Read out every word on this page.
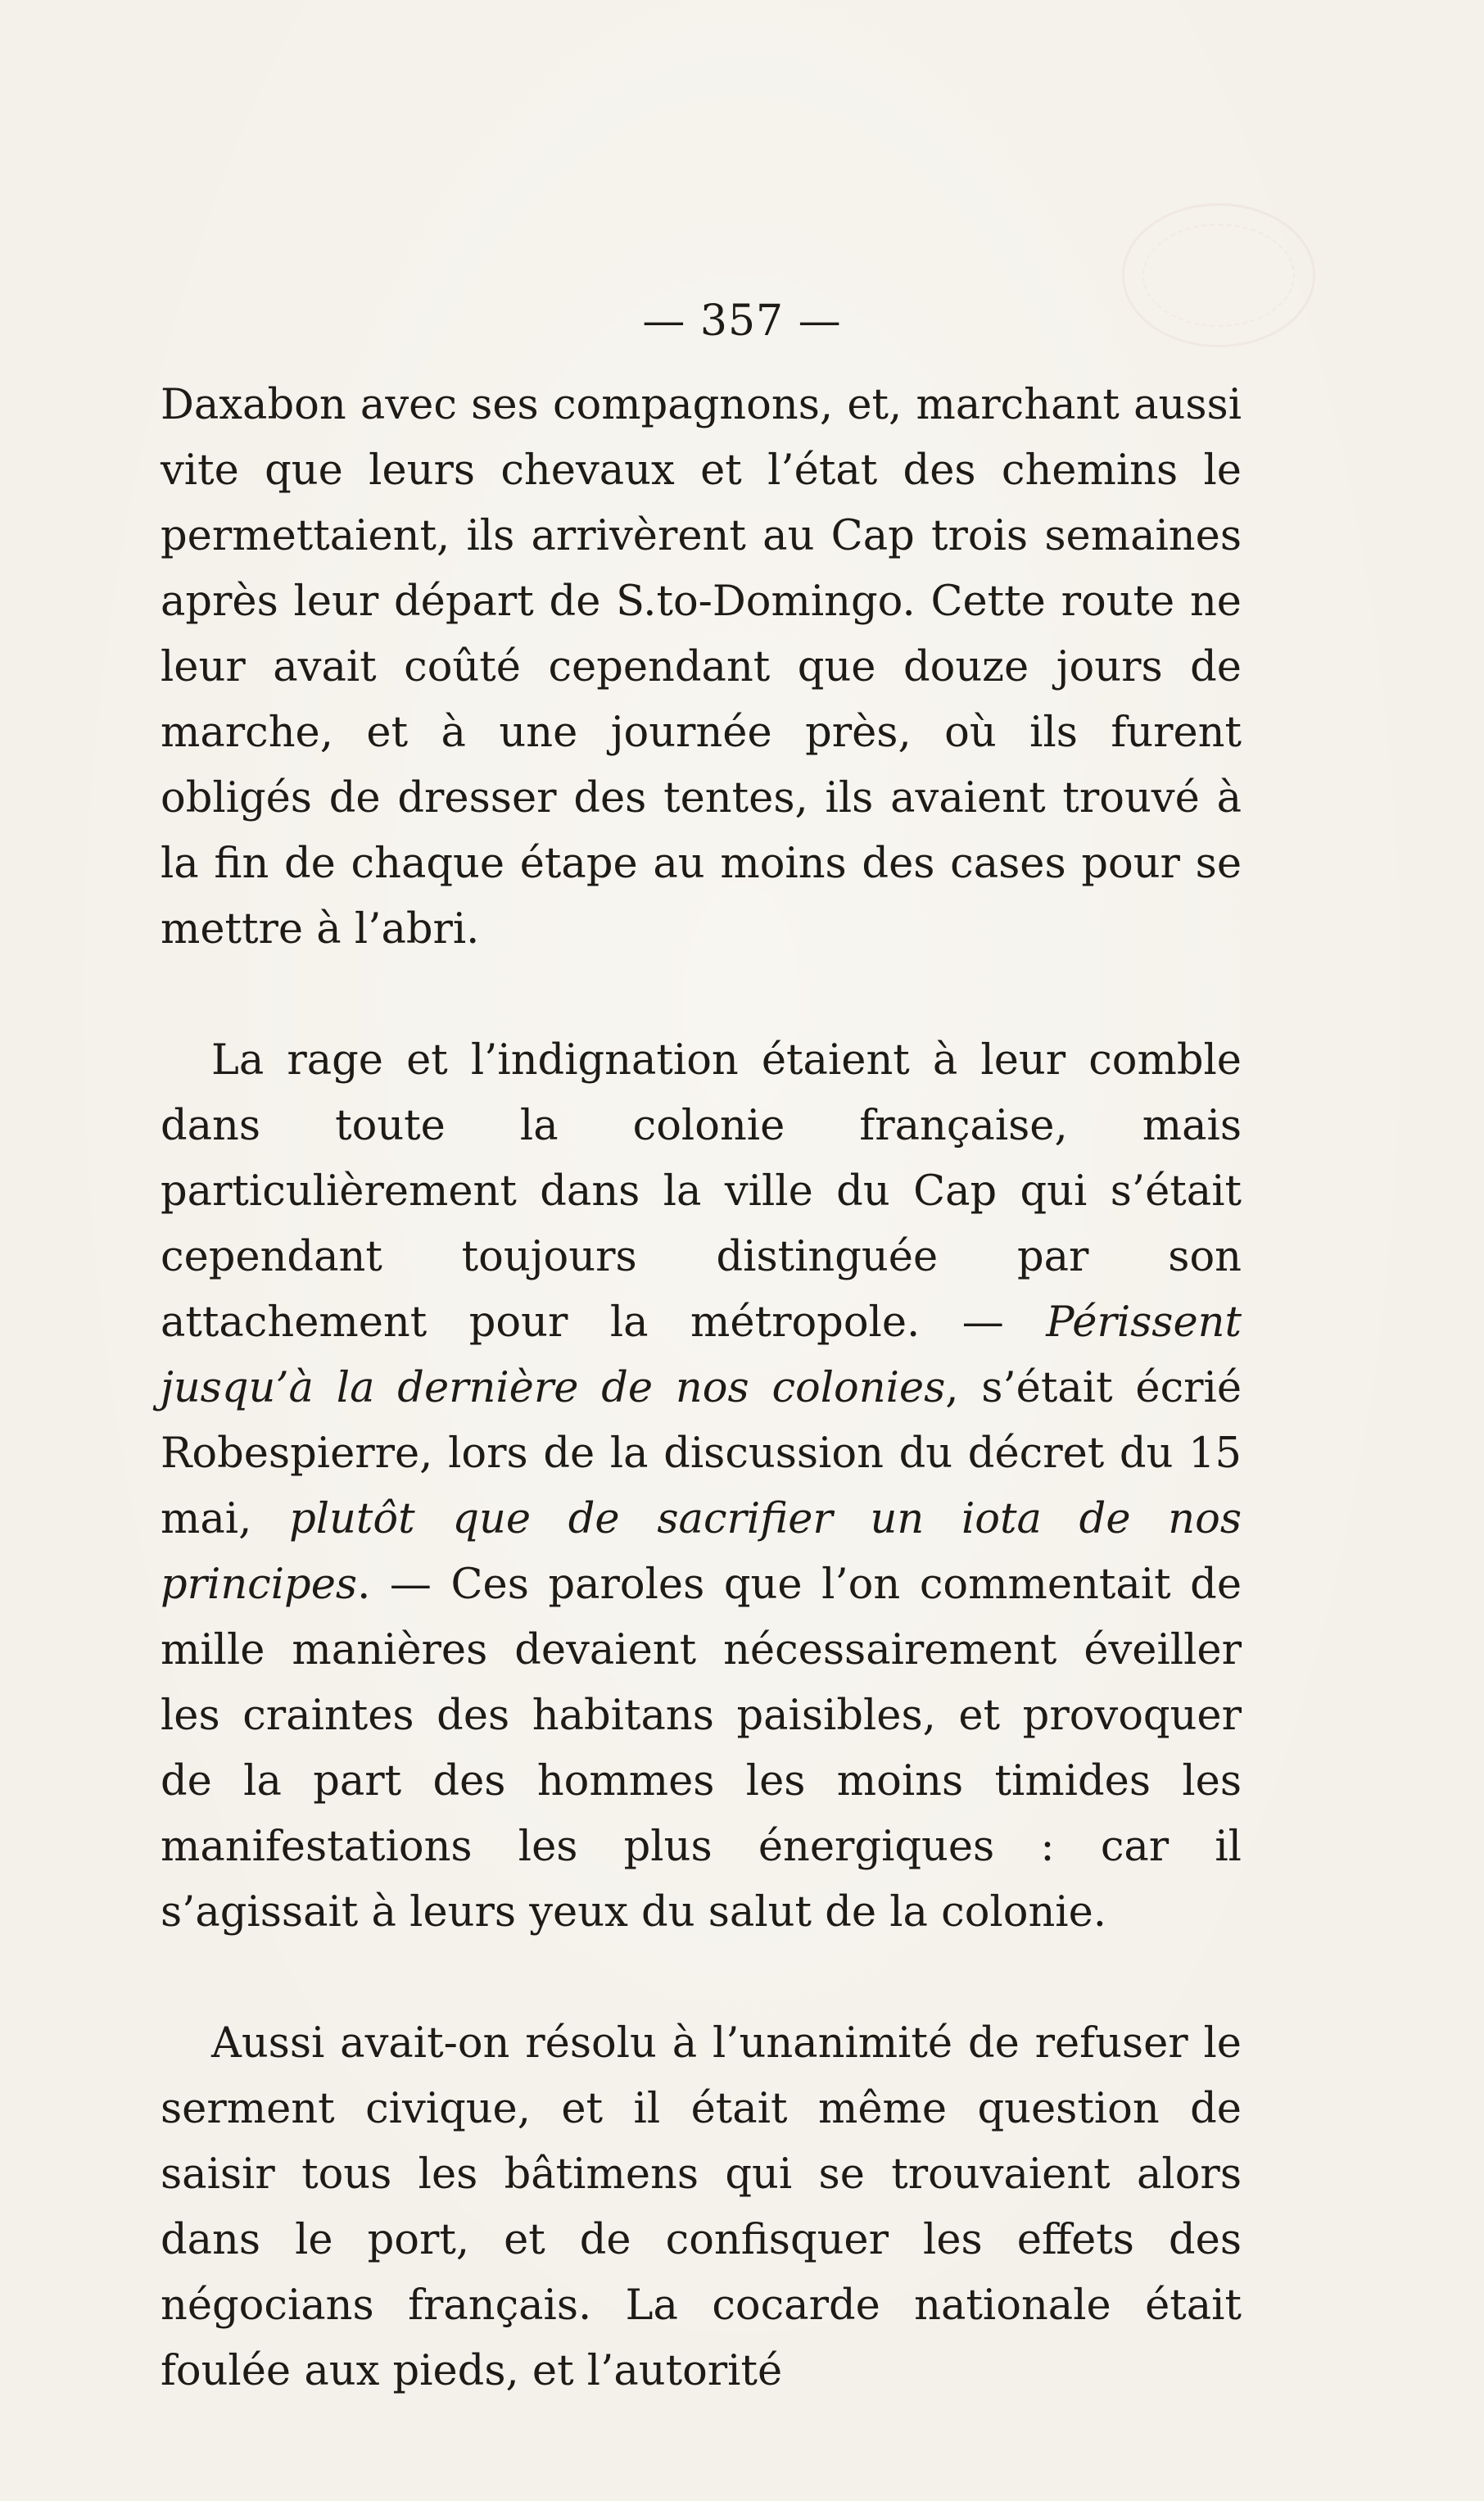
— 357 —

Daxabon avec ses compagnons, et, marchant aussi vite que leurs chevaux et l’état des chemins le permettaient, ils arrivèrent au Cap trois semaines après leur départ de S.to-Domingo. Cette route ne leur avait coûté cependant que douze jours de marche, et à une journée près, où ils furent obligés de dresser des tentes, ils avaient trouvé à la fin de chaque étape au moins des cases pour se mettre à l’abri.

La rage et l’indignation étaient à leur comble dans toute la colonie française, mais particulièrement dans la ville du Cap qui s’était cependant toujours distinguée par son attachement pour la métropole. — Périssent jusqu’à la dernière de nos colonies, s’était écrié Robespierre, lors de la discussion du décret du 15 mai, plutôt que de sacrifier un iota de nos principes. — Ces paroles que l’on commentait de mille manières devaient nécessairement éveiller les craintes des habitans paisibles, et provoquer de la part des hommes les moins timides les manifestations les plus énergiques : car il s’agissait à leurs yeux du salut de la colonie.

Aussi avait-on résolu à l’unanimité de refuser le serment civique, et il était même question de saisir tous les bâtimens qui se trouvaient alors dans le port, et de confisquer les effets des négocians français. La cocarde nationale était foulée aux pieds, et l’autorité
